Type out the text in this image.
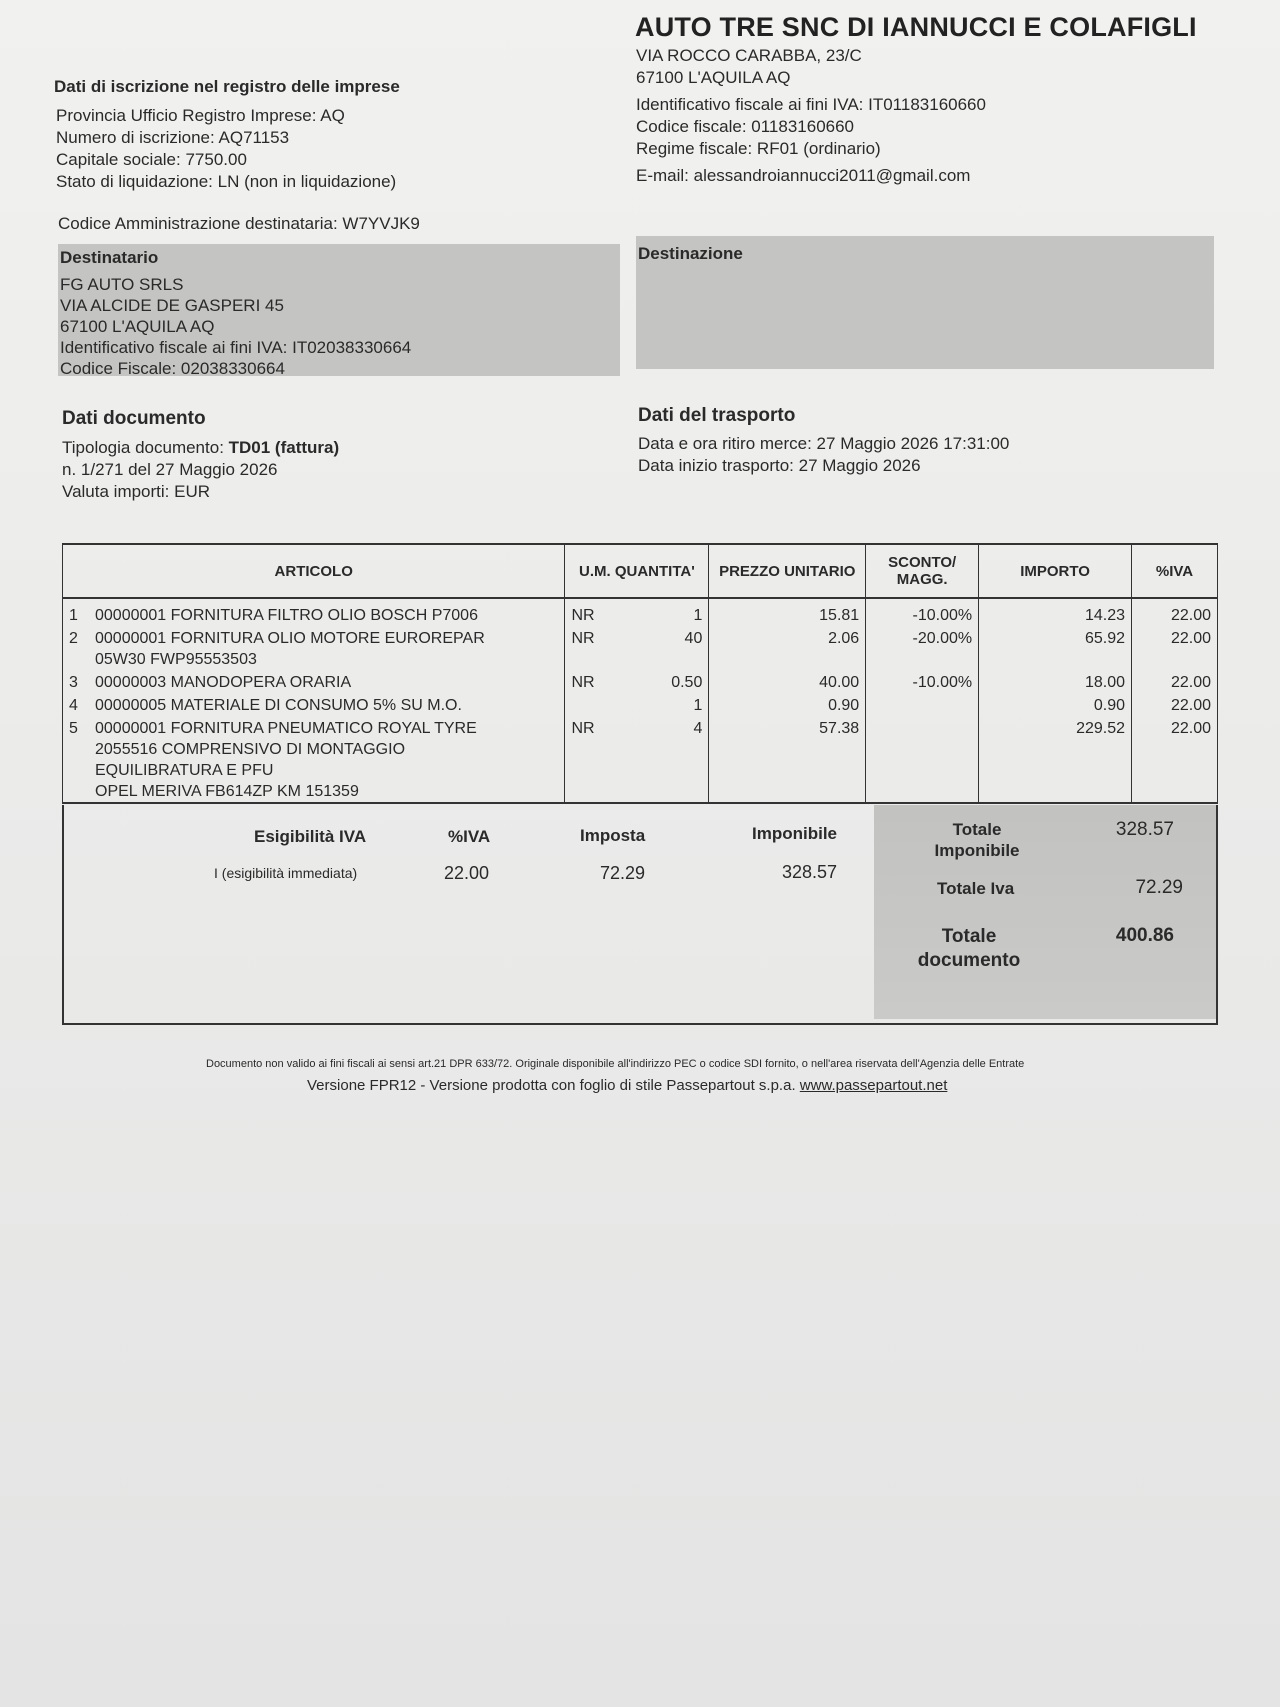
AUTO TRE SNC DI IANNUCCI E COLAFIGLI
VIA ROCCO CARABBA, 23/C
67100 L'AQUILA AQ
Identificativo fiscale ai fini IVA: IT01183160660
Codice fiscale: 01183160660
Regime fiscale: RF01 (ordinario)
E-mail: alessandroiannucci2011@gmail.com
Dati di iscrizione nel registro delle imprese
Provincia Ufficio Registro Imprese: AQ
Numero di iscrizione: AQ71153
Capitale sociale: 7750.00
Stato di liquidazione: LN (non in liquidazione)
Codice Amministrazione destinataria: W7YVJK9
Destinatario
FG AUTO SRLS
VIA ALCIDE DE GASPERI 45
67100 L'AQUILA AQ
Identificativo fiscale ai fini IVA: IT02038330664
Codice Fiscale: 02038330664
Destinazione
Dati documento
Tipologia documento: TD01 (fattura)
n. 1/271 del 27 Maggio 2026
Valuta importi: EUR
Dati del trasporto
Data e ora ritiro merce: 27 Maggio 2026 17:31:00
Data inizio trasporto: 27 Maggio 2026
ARTICOLO	U.M. QUANTITA'	PREZZO UNITARIO	SCONTO/
MAGG.	IMPORTO	%IVA
1 00000001 FORNITURA FILTRO OLIO BOSCH P7006	NR 1	15.81	-10.00%	14.23	22.00
2 00000001 FORNITURA OLIO MOTORE EUROREPAR
05W30 FWP95553503	NR 40	2.06	-20.00%	65.92	22.00
3 00000003 MANODOPERA ORARIA	NR 0.50	40.00	-10.00%	18.00	22.00
4 00000005 MATERIALE DI CONSUMO 5% SU M.O.	1	0.90		0.90	22.00
5 00000001 FORNITURA PNEUMATICO ROYAL TYRE
2055516 COMPRENSIVO DI MONTAGGIO
EQUILIBRATURA E PFU
OPEL MERIVA FB614ZP KM 151359	NR 4	57.38		229.52	22.00
Esigibilità IVA	%IVA	Imposta	Imponibile
I (esigibilità immediata)	22.00	72.29	328.57
Totale
Imponibile
328.57
Totale Iva	72.29
Totale
documento
400.86
Documento non valido ai fini fiscali ai sensi art.21 DPR 633/72. Originale disponibile all'indirizzo PEC o codice SDI fornito, o nell'area riservata dell'Agenzia delle Entrate
Versione FPR12 - Versione prodotta con foglio di stile Passepartout s.p.a. www.passepartout.net
